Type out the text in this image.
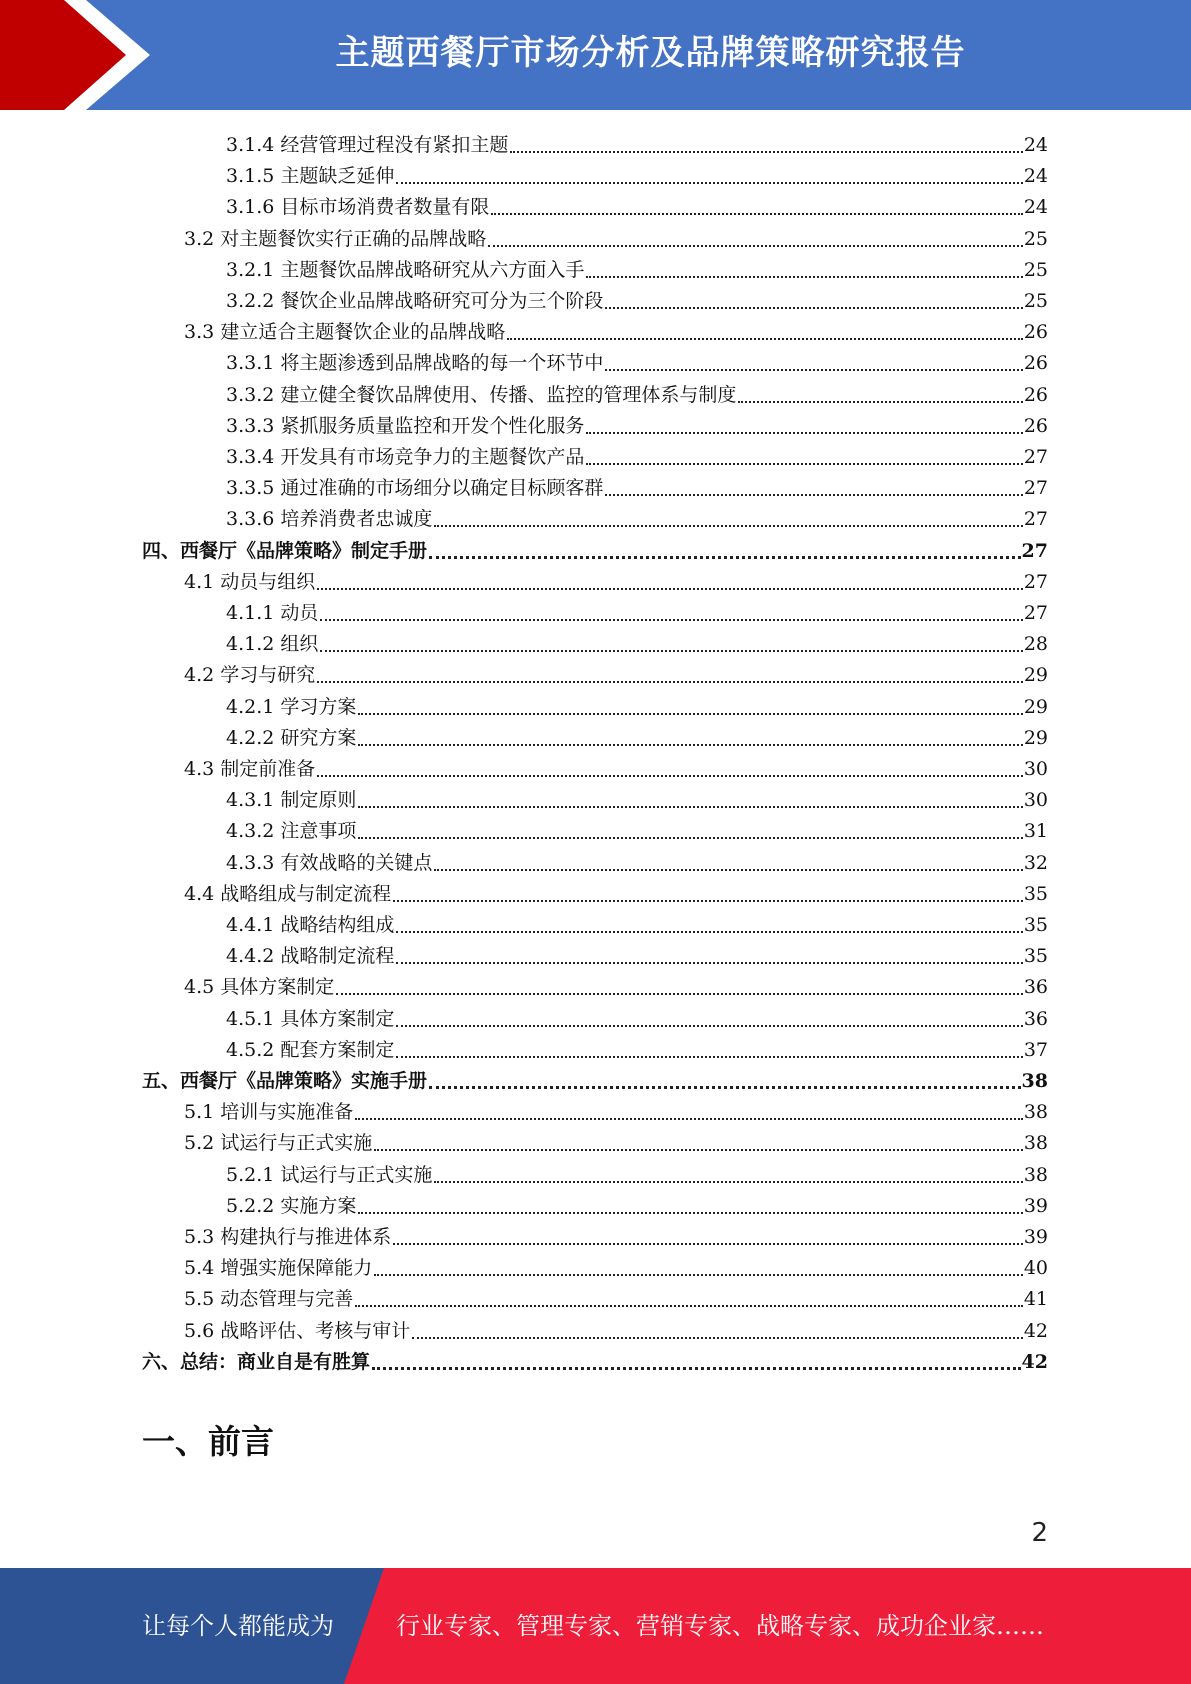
主题西餐厅市场分析及品牌策略研究报告
3.1.4 经营管理过程没有紧扣主题	24
3.1.5 主题缺乏延伸	24
3.1.6 目标市场消费者数量有限	24
3.2 对主题餐饮实行正确的品牌战略	25
3.2.1 主题餐饮品牌战略研究从六方面入手	25
3.2.2 餐饮企业品牌战略研究可分为三个阶段	25
3.3 建立适合主题餐饮企业的品牌战略	26
3.3.1 将主题渗透到品牌战略的每一个环节中	26
3.3.2 建立健全餐饮品牌使用、传播、监控的管理体系与制度	26
3.3.3 紧抓服务质量监控和开发个性化服务	26
3.3.4 开发具有市场竞争力的主题餐饮产品	27
3.3.5 通过准确的市场细分以确定目标顾客群	27
3.3.6 培养消费者忠诚度	27
四、西餐厅《品牌策略》制定手册	27
4.1 动员与组织	27
4.1.1 动员	27
4.1.2 组织	28
4.2 学习与研究	29
4.2.1 学习方案	29
4.2.2 研究方案	29
4.3 制定前准备	30
4.3.1 制定原则	30
4.3.2 注意事项	31
4.3.3 有效战略的关键点	32
4.4 战略组成与制定流程	35
4.4.1 战略结构组成	35
4.4.2 战略制定流程	35
4.5 具体方案制定	36
4.5.1 具体方案制定	36
4.5.2 配套方案制定	37
五、西餐厅《品牌策略》实施手册	38
5.1 培训与实施准备	38
5.2 试运行与正式实施	38
5.2.1 试运行与正式实施	38
5.2.2 实施方案	39
5.3 构建执行与推进体系	39
5.4 增强实施保障能力	40
5.5 动态管理与完善	41
5.6 战略评估、考核与审计	42
六、总结：商业自是有胜算	42
一、前言
2
让每个人都能成为	行业专家、管理专家、营销专家、战略专家、成功企业家……
